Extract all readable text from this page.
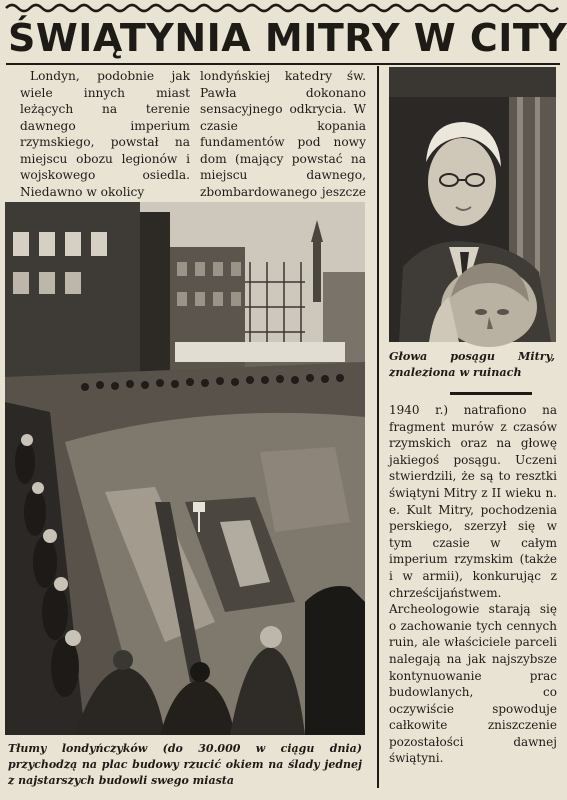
ŚWIĄTYNIA MITRY W CITY

Londyn, podobnie jak wiele innych miast leżących na terenie dawnego imperium rzymskiego, powstał na miejscu obozu legionów i wojskowego osiedla. Niedawno w okolicy

londyńskiej katedry św. Pawła dokonano sensacyjnego odkrycia. W czasie kopania fundamentów pod nowy dom (mający powstać na miejscu dawnego, zbombardowanego jeszcze

Głowa posągu Mitry, znaleziona w ruinach

1940 r.) natrafiono na fragment murów z czasów rzymskich oraz na głowę jakiegoś posągu. Uczeni stwierdzili, że są to resztki świątyni Mitry z II wieku n. e. Kult Mitry, pochodzenia perskiego, szerzył się w tym czasie w całym imperium rzymskim (także i w armii), konkurując z chrześcijaństwem. Archeologowie starają się o zachowanie tych cennych ruin, ale właściciele parceli nalegają na jak najszybsze kontynuowanie prac budowlanych, co oczywiście spowoduje całkowite zniszczenie pozostałości dawnej świątyni.

Tłumy londyńczyków (do 30.000 w ciągu dnia) przychodzą na plac budowy rzucić okiem na ślady jednej z najstarszych budowli swego miasta
